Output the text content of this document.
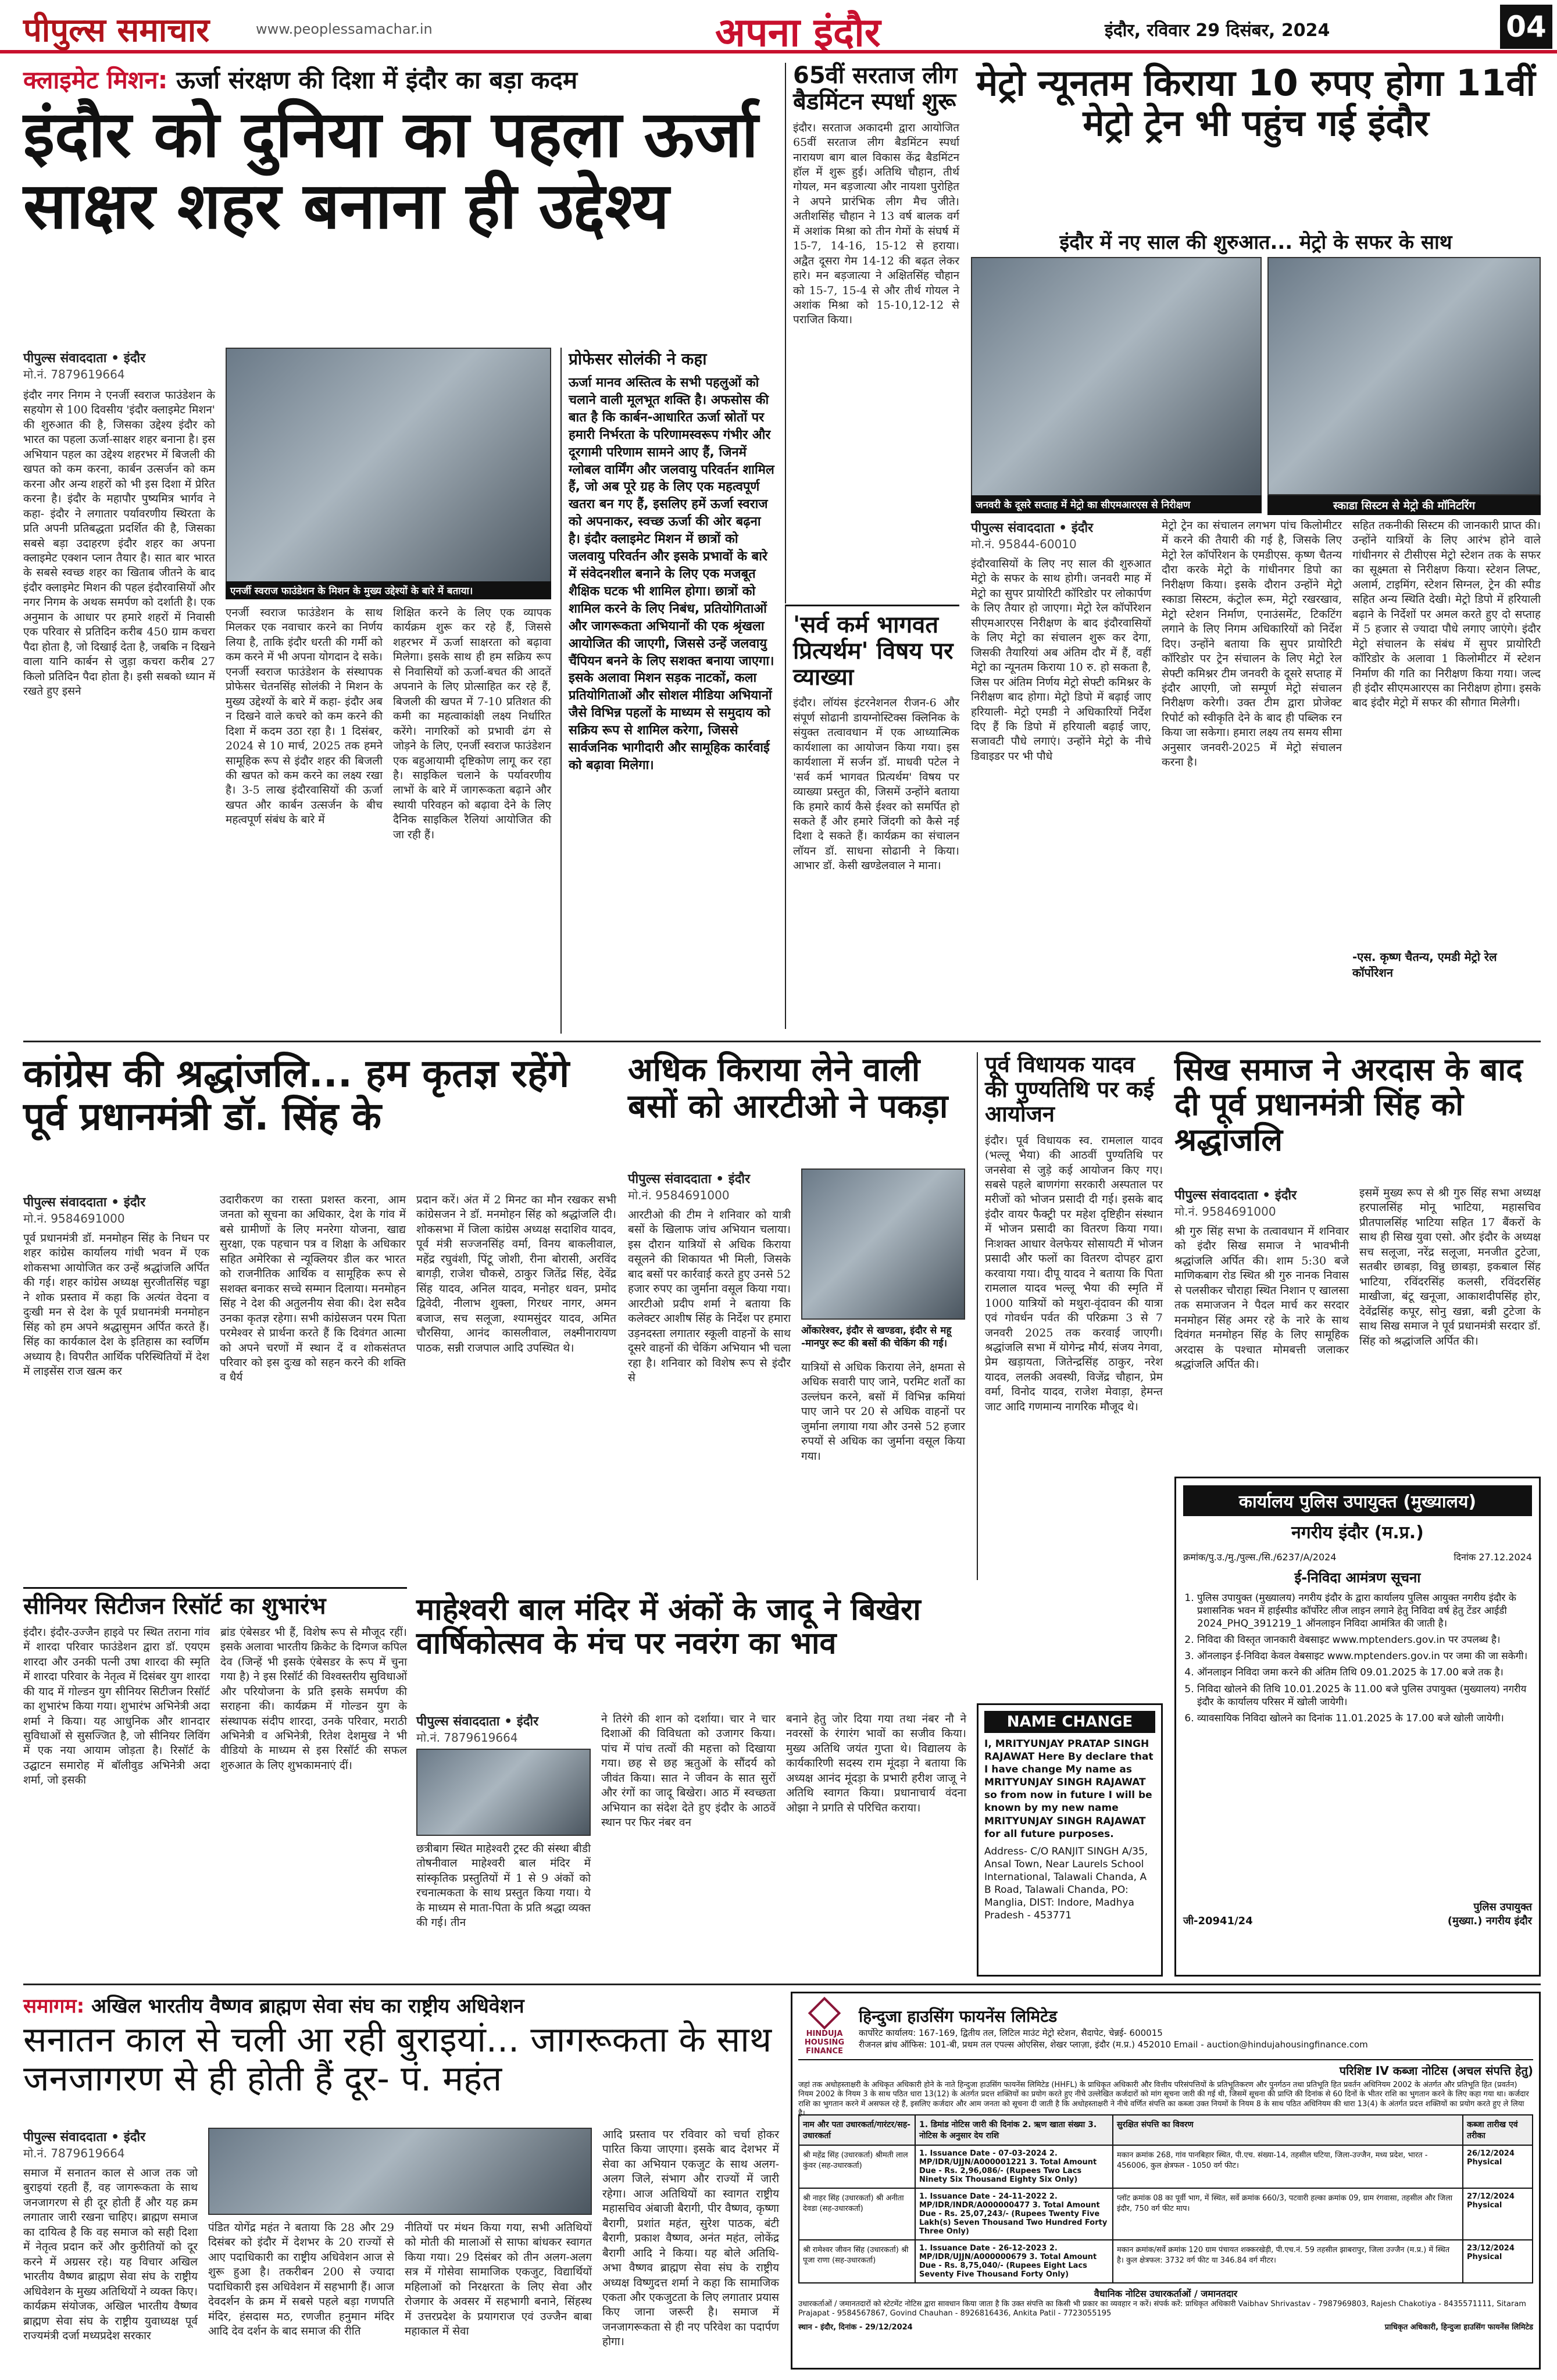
पीपुल्स समाचार	www.peoplessamachar.in	अपना इंदौर	इंदौर, रविवार 29 दिसंबर, 2024	04
क्लाइमेट मिशन: ऊर्जा संरक्षण की दिशा में इंदौर का बड़ा कदम
इंदौर को दुनिया का पहला ऊर्जा साक्षर शहर बनाना ही उद्देश्य
पीपुल्स संवाददाता • इंदौर
मो.नं. 7879619664
इंदौर नगर निगम ने एनर्जी स्वराज फाउंडेशन के सहयोग से 100 दिवसीय 'इंदौर क्लाइमेट मिशन' की शुरुआत की है, जिसका उद्देश्य इंदौर को भारत का पहला ऊर्जा-साक्षर शहर बनाना है। इस अभियान पहल का उद्देश्य शहरभर में बिजली की खपत को कम करना, कार्बन उत्सर्जन को कम करना और अन्य शहरों को भी इस दिशा में प्रेरित करना है। इंदौर के महापौर पुष्यमित्र भार्गव ने कहा- इंदौर ने लगातार पर्यावरणीय स्थिरता के प्रति अपनी प्रतिबद्धता प्रदर्शित की है, जिसका सबसे बड़ा उदाहरण इंदौर शहर का अपना क्लाइमेट एक्शन प्लान तैयार है। सात बार भारत के सबसे स्वच्छ शहर का खिताब जीतने के बाद इंदौर क्लाइमेट मिशन की पहल इंदौरवासियों और नगर निगम के अथक समर्पण को दर्शाती है। एक अनुमान के आधार पर हमारे शहरों में निवासी एक परिवार से प्रतिदिन करीब 450 ग्राम कचरा पैदा होता है, जो दिखाई देता है, जबकि न दिखने वाला यानि कार्बन से जुड़ा कचरा करीब 27 किलो प्रतिदिन पैदा होता है। इसी सबको ध्यान में रखते हुए इसने
एनर्जी स्वराज फाउंडेशन के मिशन के मुख्य उद्देश्यों के बारे में बताया।
एनर्जी स्वराज फाउंडेशन के साथ मिलकर एक नवाचार करने का निर्णय लिया है, ताकि इंदौर धरती की गर्मी को कम करने में भी अपना योगदान दे सके। एनर्जी स्वराज फाउंडेशन के संस्थापक प्रोफेसर चेतनसिंह सोलंकी ने मिशन के मुख्य उद्देश्यों के बारे में कहा- इंदौर अब न दिखने वाले कचरे को कम करने की दिशा में कदम उठा रहा है। 1 दिसंबर, 2024 से 10 मार्च, 2025 तक हमने सामूहिक रूप से इंदौर शहर की बिजली की खपत को कम करने का लक्ष्य रखा है। 3-5 लाख इंदौरवासियों की ऊर्जा खपत और कार्बन उत्सर्जन के बीच महत्वपूर्ण संबंध के बारे में
शिक्षित करने के लिए एक व्यापक कार्यक्रम शुरू कर रहे हैं, जिससे शहरभर में ऊर्जा साक्षरता को बढ़ावा मिलेगा। इसके साथ ही हम सक्रिय रूप से निवासियों को ऊर्जा-बचत की आदतें अपनाने के लिए प्रोत्साहित कर रहे हैं, बिजली की खपत में 7-10 प्रतिशत की कमी का महत्वाकांक्षी लक्ष्य निर्धारित करेंगे। नागरिकों को प्रभावी ढंग से जोड़ने के लिए, एनर्जी स्वराज फाउंडेशन एक बहुआयामी दृष्टिकोण लागू कर रहा है। साइकिल चलाने के पर्यावरणीय लाभों के बारे में जागरूकता बढ़ाने और स्थायी परिवहन को बढ़ावा देने के लिए दैनिक साइकिल रैलियां आयोजित की जा रही हैं।
प्रोफेसर सोलंकी ने कहा
ऊर्जा मानव अस्तित्व के सभी पहलुओं को चलाने वाली मूलभूत शक्ति है। अफसोस की बात है कि कार्बन-आधारित ऊर्जा स्रोतों पर हमारी निर्भरता के परिणामस्वरूप गंभीर और दूरगामी परिणाम सामने आए हैं, जिनमें ग्लोबल वार्मिंग और जलवायु परिवर्तन शामिल हैं, जो अब पूरे ग्रह के लिए एक महत्वपूर्ण खतरा बन गए हैं, इसलिए हमें ऊर्जा स्वराज को अपनाकर, स्वच्छ ऊर्जा की ओर बढ़ना है। इंदौर क्लाइमेट मिशन में छात्रों को जलवायु परिवर्तन और इसके प्रभावों के बारे में संवेदनशील बनाने के लिए एक मजबूत शैक्षिक घटक भी शामिल होगा। छात्रों को शामिल करने के लिए निबंध, प्रतियोगिताओं और जागरूकता अभियानों की एक श्रृंखला आयोजित की जाएगी, जिससे उन्हें जलवायु चैंपियन बनने के लिए सशक्त बनाया जाएगा। इसके अलावा मिशन सड़क नाटकों, कला प्रतियोगिताओं और सोशल मीडिया अभियानों जैसे विभिन्न पहलों के माध्यम से समुदाय को सक्रिय रूप से शामिल करेगा, जिससे सार्वजनिक भागीदारी और सामूहिक कार्रवाई को बढ़ावा मिलेगा।
65वीं सरताज लीग बैडमिंटन स्पर्धा शुरू
इंदौर। सरताज अकादमी द्वारा आयोजित 65वीं सरताज लीग बैडमिंटन स्पर्धा नारायण बाग बाल विकास केंद्र बैडमिंटन हॉल में शुरू हुई। अतिथि चौहान, तीर्थ गोयल, मन बड़जात्या और नायशा पुरोहित ने अपने प्रारंभिक लीग मैच जीते। अतीशसिंह चौहान ने 13 वर्ष बालक वर्ग में अशांक मिश्रा को तीन गेमों के संघर्ष में 15-7, 14-16, 15-12 से हराया। अद्वैत दूसरा गेम 14-12 की बढ़त लेकर हारे। मन बड़जात्या ने अक्षितसिंह चौहान को 15-7, 15-4 से और तीर्थ गोयल ने अशांक मिश्रा को 15-10,12-12 से पराजित किया।
'सर्व कर्म भागवत प्रित्यर्थम' विषय पर व्याख्या
इंदौर। लॉयंस इंटरनेशनल रीजन-6 और संपूर्ण सोढानी डायग्नोस्टिक्स क्लिनिक के संयुक्त तत्वावधान में एक आध्यात्मिक कार्यशाला का आयोजन किया गया। इस कार्यशाला में सर्जन डॉ. माधवी पटेल ने 'सर्व कर्म भागवत प्रित्यर्थम' विषय पर व्याख्या प्रस्तुत की, जिसमें उन्होंने बताया कि हमारे कार्य कैसे ईश्वर को समर्पित हो सकते हैं और हमारे जिंदगी को कैसे नई दिशा दे सकते हैं। कार्यक्रम का संचालन लॉयन डॉ. साधना सोढानी ने किया। आभार डॉ. केसी खण्डेलवाल ने माना।
मेट्रो न्यूनतम किराया 10 रुपए होगा 11वीं मेट्रो ट्रेन भी पहुंच गई इंदौर
इंदौर में नए साल की शुरुआत... मेट्रो के सफर के साथ
जनवरी के दूसरे सप्ताह में मेट्रो का सीएमआरएस से निरीक्षण	स्काडा सिस्टम से मेट्रो की मॉनिटरिंग
पीपुल्स संवाददाता • इंदौर
मो.नं. 95844-60010
इंदौरवासियों के लिए नए साल की शुरुआत मेट्रो के सफर के साथ होगी। जनवरी माह में मेट्रो का सुपर प्रायोरिटी कॉरिडोर पर लोकार्पण के लिए तैयार हो जाएगा। मेट्रो रेल कॉर्पोरेशन सीएमआरएस निरीक्षण के बाद इंदौरवासियों के लिए मेट्रो का संचालन शुरू कर देगा, जिसकी तैयारियां अब अंतिम दौर में हैं, वहीं मेट्रो का न्यूनतम किराया 10 रु. हो सकता है, जिस पर अंतिम निर्णय मेट्रो सेफ्टी कमिश्नर के निरीक्षण बाद होगा। मेट्रो डिपो में बढ़ाई जाए हरियाली- मेट्रो एमडी ने अधिकारियों निर्देश दिए हैं कि डिपो में हरियाली बढ़ाई जाए, सजावटी पौधे लगाएं। उन्होंने मेट्रो के नीचे डिवाइडर पर भी पौधे
मेट्रो ट्रेन का संचालन लगभग पांच किलोमीटर में करने की तैयारी की गई है, जिसके लिए मेट्रो रेल कॉर्पोरेशन के एमडीएस. कृष्ण चैतन्य दौरा करके मेट्रो के गांधीनगर डिपो का निरीक्षण किया। इसके दौरान उन्होंने मेट्रो स्काडा सिस्टम, कंट्रोल रूम, मेट्रो रखरखाव, मेट्रो स्टेशन निर्माण, एनाउंसमेंट, टिकटिंग लगाने के लिए निगम अधिकारियों को निर्देश दिए। उन्होंने बताया कि सुपर प्रायोरिटी कॉरिडोर पर ट्रेन संचालन के लिए मेट्रो रेल सेफ्टी कमिश्नर टीम जनवरी के दूसरे सप्ताह में इंदौर आएगी, जो सम्पूर्ण मेट्रो संचालन निरीक्षण करेगी। उक्त टीम द्वारा प्रोजेक्ट रिपोर्ट को स्वीकृति देने के बाद ही पब्लिक रन किया जा सकेगा। हमारा लक्ष्य तय समय सीमा अनुसार जनवरी-2025 में मेट्रो संचालन करना है।
सहित तकनीकी सिस्टम की जानकारी प्राप्त की। उन्होंने यात्रियों के लिए आरंभ होने वाले गांधीनगर से टीसीएस मेट्रो स्टेशन तक के सफर का सूक्ष्मता से निरीक्षण किया। स्टेशन लिफ्ट, अलार्म, टाइमिंग, स्टेशन सिग्नल, ट्रेन की स्पीड सहित अन्य स्थिति देखी। मेट्रो डिपो में हरियाली बढ़ाने के निर्देशों पर अमल करते हुए दो सप्ताह में 5 हजार से ज्यादा पौधे लगाए जाएंगे। इंदौर मेट्रो संचालन के संबंध में सुपर प्रायोरिटी कॉरिडोर के अलावा 1 किलोमीटर में स्टेशन निर्माण की गति का निरीक्षण किया गया। जल्द ही इंदौर सीएमआरएस का निरीक्षण होगा। इसके बाद इंदौर मेट्रो में सफर की सौगात मिलेगी।
-एस. कृष्ण चैतन्य, एमडी मेट्रो रेल कॉर्पोरेशन
कांग्रेस की श्रद्धांजलि... हम कृतज्ञ रहेंगे पूर्व प्रधानमंत्री डॉ. सिंह के
पीपुल्स संवाददाता • इंदौर
मो.नं. 9584691000
पूर्व प्रधानमंत्री डॉ. मनमोहन सिंह के निधन पर शहर कांग्रेस कार्यालय गांधी भवन में एक शोकसभा आयोजित कर उन्हें श्रद्धांजलि अर्पित की गई। शहर कांग्रेस अध्यक्ष सुरजीतसिंह चड्डा ने शोक प्रस्ताव में कहा कि अत्यंत वेदना व दुःखी मन से देश के पूर्व प्रधानमंत्री मनमोहन सिंह को हम अपने श्रद्धासुमन अर्पित करते हैं। सिंह का कार्यकाल देश के इतिहास का स्वर्णिम अध्याय है। विपरीत आर्थिक परिस्थितियों में देश में लाइसेंस राज खत्म कर
उदारीकरण का रास्ता प्रशस्त करना, आम जनता को सूचना का अधिकार, देश के गांव में बसे ग्रामीणों के लिए मनरेगा योजना, खाद्य सुरक्षा, एक पहचान पत्र व शिक्षा के अधिकार सहित अमेरिका से न्यूक्लियर डील कर भारत को राजनीतिक आर्थिक व सामूहिक रूप से सशक्त बनाकर सच्चे सम्मान दिलाया। मनमोहन सिंह ने देश की अतुलनीय सेवा की। देश सदैव उनका कृतज्ञ रहेगा। सभी कांग्रेसजन परम पिता परमेश्वर से प्रार्थना करते हैं कि दिवंगत आत्मा को अपने चरणों में स्थान दें व शोकसंतप्त परिवार को इस दुःख को सहन करने की शक्ति व धैर्य
प्रदान करें। अंत में 2 मिनट का मौन रखकर सभी कांग्रेसजन ने डॉ. मनमोहन सिंह को श्रद्धांजलि दी। शोकसभा में जिला कांग्रेस अध्यक्ष सदाशिव यादव, पूर्व मंत्री सज्जनसिंह वर्मा, विनय बाकलीवाल, महेंद्र रघुवंशी, पिंटू जोशी, रीना बोरासी, अरविंद बागड़ी, राजेश चौकसे, ठाकुर जितेंद्र सिंह, देवेंद्र सिंह यादव, अनिल यादव, मनोहर धवन, प्रमोद द्विवेदी, नीलाभ शुक्ला, गिरधर नागर, अमन बजाज, सच सलूजा, श्यामसुंदर यादव, अमित चौरसिया, आनंद कासलीवाल, लक्ष्मीनारायण पाठक, सन्नी राजपाल आदि उपस्थित थे।
अधिक किराया लेने वाली बसों को आरटीओ ने पकड़ा
पीपुल्स संवाददाता • इंदौर
मो.नं. 9584691000
आरटीओ की टीम ने शनिवार को यात्री बसों के खिलाफ जांच अभियान चलाया। इस दौरान यात्रियों से अधिक किराया वसूलने की शिकायत भी मिली, जिसके बाद बसों पर कार्रवाई करते हुए उनसे 52 हजार रुपए का जुर्माना वसूल किया गया। आरटीओ प्रदीप शर्मा ने बताया कि कलेक्टर आशीष सिंह के निर्देश पर हमारा उड़नदस्ता लगातार स्कूली वाहनों के साथ दूसरे वाहनों की चेकिंग अभियान भी चला रहा है। शनिवार को विशेष रूप से इंदौर से
ओंकारेश्वर, इंदौर से खण्डवा, इंदौर से महू -मानपुर रूट की बसों की चेकिंग की गई।
यात्रियों से अधिक किराया लेने, क्षमता से अधिक सवारी पाए जाने, परमिट शर्तों का उल्लंघन करने, बसों में विभिन्न कमियां पाए जाने पर 20 से अधिक वाहनों पर जुर्माना लगाया गया और उनसे 52 हजार रुपयों से अधिक का जुर्माना वसूल किया गया।
पूर्व विधायक यादव की पुण्यतिथि पर कई आयोजन
इंदौर। पूर्व विधायक स्व. रामलाल यादव (भल्लू भैया) की आठवीं पुण्यतिथि पर जनसेवा से जुड़े कई आयोजन किए गए। सबसे पहले बाणगंगा सरकारी अस्पताल पर मरीजों को भोजन प्रसादी दी गई। इसके बाद इंदौर वायर फैक्ट्री पर महेश दृष्टिहीन संस्थान में भोजन प्रसादी का वितरण किया गया। निःशक्त आधार वेलफेयर सोसायटी में भोजन प्रसादी और फलों का वितरण दोपहर द्वारा करवाया गया। दीपू यादव ने बताया कि पिता रामलाल यादव भल्लू भैया की स्मृति में 1000 यात्रियों को मथुरा-वृंदावन की यात्रा एवं गोवर्धन पर्वत की परिक्रमा 3 से 7 जनवरी 2025 तक करवाई जाएगी। श्रद्धांजलि सभा में योगेन्द्र मौर्य, संजय नेगवा, प्रेम खड़ायता, जितेन्द्रसिंह ठाकुर, नरेश यादव, ललकी अवस्थी, विजेंद्र चौहान, प्रेम वर्मा, विनोद यादव, राजेश मेवाड़ा, हेमन्त जाट आदि गणमान्य नागरिक मौजूद थे।
सिख समाज ने अरदास के बाद दी पूर्व प्रधानमंत्री सिंह को श्रद्धांजलि
पीपुल्स संवाददाता • इंदौर
मो.नं. 9584691000
श्री गुरु सिंह सभा के तत्वावधान में शनिवार को इंदौर सिख समाज ने भावभीनी श्रद्धांजलि अर्पित की। शाम 5:30 बजे माणिकबाग रोड स्थित श्री गुरु नानक निवास से पलसीकर चौराहा स्थित निशान ए खालसा तक समाजजन ने पैदल मार्च कर सरदार मनमोहन सिंह अमर रहे के नारे के साथ दिवंगत मनमोहन सिंह के लिए सामूहिक अरदास के पश्चात मोमबत्ती जलाकर श्रद्धांजलि अर्पित की।
इसमें मुख्य रूप से श्री गुरु सिंह सभा अध्यक्ष हरपालसिंह मोनू भाटिया, महासचिव प्रीतपालसिंह भाटिया सहित 17 बैंकरों के साथ ही सिख युवा एसो. और इंदौर के अध्यक्ष सच सलूजा, नरेंद्र सलूजा, मनजीत टुटेजा, सतबीर छाबड़ा, विन्नु छाबड़ा, इकबाल सिंह भाटिया, रविंदरसिंह कलसी, रविंदरसिंह माखीजा, बंटू खनूजा, आकाशदीपसिंह होर, देवेंद्रसिंह कपूर, सोनु खन्ना, बन्नी टुटेजा के साथ सिख समाज ने पूर्व प्रधानमंत्री सरदार डॉ. सिंह को श्रद्धांजलि अर्पित की।
कार्यालय पुलिस उपायुक्त (मुख्यालय)
नगरीय इंदौर (म.प्र.)
क्रमांक/पु.उ./मु./पुल्स./सि./6237/A/2024	दिनांक 27.12.2024
ई-निविदा आमंत्रण सूचना
1. पुलिस उपायुक्त (मुख्यालय) नगरीय इंदौर के द्वारा कार्यालय पुलिस आयुक्त नगरीय इंदौर के प्रशासनिक भवन में हाईस्पीड कॉर्पोरेट लीज लाइन लगाने हेतु निविदा वर्ष हेतु टेंडर आईडी 2024_PHQ_391219_1 ऑनलाइन निविदा आमंत्रित की जाती है।
2. निविदा की विस्तृत जानकारी वेबसाइट www.mptenders.gov.in पर उपलब्ध है।
3. ऑनलाइन ई-निविदा केवल वेबसाइट www.mptenders.gov.in पर जमा की जा सकेगी।
4. ऑनलाइन निविदा जमा करने की अंतिम तिथि 09.01.2025 के 17.00 बजे तक है।
5. निविदा खोलने की तिथि 10.01.2025 के 11.00 बजे पुलिस उपायुक्त (मुख्यालय) नगरीय इंदौर के कार्यालय परिसर में खोली जायेगी।
6. व्यावसायिक निविदा खोलने का दिनांक 11.01.2025 के 17.00 बजे खोली जायेगी।
जी-20941/24
पुलिस उपायुक्त
(मुख्या.) नगरीय इंदौर
सीनियर सिटीजन रिसॉर्ट का शुभारंभ
इंदौर। इंदौर-उज्जैन हाइवे पर स्थित तराना गांव में शारदा परिवार फाउंडेशन द्वारा डॉ. एयएम शारदा और उनकी पत्नी उषा शारदा की स्मृति में शारदा परिवार के नेतृत्व में दिसंबर युग शारदा की याद में गोल्डन युग सीनियर सिटीजन रिसॉर्ट का शुभारंभ किया गया। शुभारंभ अभिनेत्री अदा शर्मा ने किया। यह आधुनिक और शानदार सुविधाओं से सुसज्जित है, जो सीनियर लिविंग में एक नया आयाम जोड़ता है। रिसॉर्ट के उद्घाटन समारोह में बॉलीवुड अभिनेत्री अदा शर्मा, जो इसकी
ब्रांड एंबेसडर भी हैं, विशेष रूप से मौजूद रहीं। इसके अलावा भारतीय क्रिकेट के दिग्गज कपिल देव (जिन्हें भी इसके एंबेसडर के रूप में चुना गया है) ने इस रिसॉर्ट की विश्वस्तरीय सुविधाओं और परियोजना के प्रति इसके समर्पण की सराहना की। कार्यक्रम में गोल्डन युग के संस्थापक संदीप शारदा, उनके परिवार, मराठी अभिनेत्री व अभिनेत्री, रितेश देशमुख ने भी वीडियो के माध्यम से इस रिसॉर्ट की सफल शुरुआत के लिए शुभकामनाएं दीं।
माहेश्वरी बाल मंदिर में अंकों के जादू ने बिखेरा वार्षिकोत्सव के मंच पर नवरंग का भाव
पीपुल्स संवाददाता • इंदौर
मो.नं. 7879619664
छत्रीबाग स्थित माहेश्वरी ट्रस्ट की संस्था बीडी तोषनीवाल माहेश्वरी बाल मंदिर में सांस्कृतिक प्रस्तुतियों में 1 से 9 अंकों को रचनात्मकता के साथ प्रस्तुत किया गया। ये के माध्यम से माता-पिता के प्रति श्रद्धा व्यक्त की गई। तीन
ने तिरंगे की शान को दर्शाया। चार ने चार दिशाओं की विविधता को उजागर किया। पांच में पांच तत्वों की महत्ता को दिखाया गया। छह से छह ऋतुओं के सौंदर्य को जीवंत किया। सात ने जीवन के सात सुरों और रंगों का जादू बिखेरा। आठ में स्वच्छता अभियान का संदेश देते हुए इंदौर के आठवें स्थान पर फिर नंबर वन
बनाने हेतु जोर दिया गया तथा नंबर नौ ने नवरसों के रंगारंग भावों का सजीव किया। मुख्य अतिथि जयंत गुप्ता थे। विद्यालय के कार्यकारिणी सदस्य राम मूंदड़ा ने बताया कि अध्यक्ष आनंद मूंदड़ा के प्रभारी हरीश जाजू ने अतिथि स्वागत किया। प्रधानाचार्य वंदना ओझा ने प्रगति से परिचित कराया।
NAME CHANGE
I, MRITYUNJAY PRATAP SINGH RAJAWAT Here By declare that I have change My name as MRITYUNJAY SINGH RAJAWAT so from now in future I will be known by my new name MRITYUNJAY SINGH RAJAWAT for all future purposes.
Address- C/O RANJIT SINGH A/35, Ansal Town, Near Laurels School International, Talawali Chanda, A B Road, Talawali Chanda, PO: Manglia, DIST: Indore, Madhya Pradesh - 453771
समागम: अखिल भारतीय वैष्णव ब्राह्मण सेवा संघ का राष्ट्रीय अधिवेशन
सनातन काल से चली आ रही बुराइयां... जागरूकता के साथ जनजागरण से ही होती हैं दूर- पं. महंत
पीपुल्स संवाददाता • इंदौर
मो.नं. 7879619664
समाज में सनातन काल से आज तक जो बुराइयां रहती हैं, वह जागरूकता के साथ जनजागरण से ही दूर होती हैं और यह क्रम लगातार जारी रखना चाहिए। ब्राह्मण समाज का दायित्व है कि वह समाज को सही दिशा में नेतृत्व प्रदान करें और कुरीतियों को दूर करने में अग्रसर रहे। यह विचार अखिल भारतीय वैष्णव ब्राह्मण सेवा संघ के राष्ट्रीय अधिवेशन के मुख्य अतिथियों ने व्यक्त किए। कार्यक्रम संयोजक, अखिल भारतीय वैष्णव ब्राह्मण सेवा संघ के राष्ट्रीय युवाध्यक्ष पूर्व राज्यमंत्री दर्जा मध्यप्रदेश सरकार
पंडित योगेंद्र महंत ने बताया कि 28 और 29 दिसंबर को इंदौर में देशभर के 20 राज्यों से आए पदाधिकारी का राष्ट्रीय अधिवेशन आज से शुरू हुआ है। तकरीबन 200 से ज्यादा पदाधिकारी इस अधिवेशन में सहभागी हैं। आज देवदर्शन के क्रम में सबसे पहले बड़ा गणपति मंदिर, हंसदास मठ, रणजीत हनुमान मंदिर आदि देव दर्शन के बाद समाज की रीति
नीतियों पर मंथन किया गया, सभी अतिथियों को मोती की मालाओं से साफा बांधकर स्वागत किया गया। 29 दिसंबर को तीन अलग-अलग सत्र में गोसेवा सामाजिक एकजुट, विद्यार्थियों महिलाओं को निरक्षरता के लिए सेवा और रोजगार के अवसर में सहभागी बनाने, सिंहस्थ में उत्तरप्रदेश के प्रयागराज एवं उज्जैन बाबा महाकाल में सेवा
आदि प्रस्ताव पर रविवार को चर्चा होकर पारित किया जाएगा। इसके बाद देशभर में सेवा का अभियान एकजुट के साथ अलग-अलग जिले, संभाग और राज्यों में जारी रहेगा। आज अतिथियों का स्वागत राष्ट्रीय महासचिव अंबाजी बैरागी, पीर वैष्णव, कृष्णा बैरागी, प्रशांत महंत, सुरेश पाठक, बंटी बैरागी, प्रकाश वैष्णव, अनंत महंत, लोकेंद्र बैरागी आदि ने किया। यह बोले अतिथि- अभा वैष्णव ब्राह्मण सेवा संघ के राष्ट्रीय अध्यक्ष विष्णुदत्त शर्मा ने कहा कि सामाजिक एकता और एकजुटता के लिए लगातार प्रयास किए जाना जरूरी है। समाज में जनजागरूकता से ही नए परिवेश का पदार्पण होगा।
HINDUJA HOUSING FINANCE
हिन्दुजा हाउसिंग फायनेंस लिमिटेड
कार्पोरेट कार्यालय: 167-169, द्वितीय तल, लिटिल माउंट मेट्रो स्टेशन, सैदापेट, चेन्नई- 600015
रीजनल ब्रांच ऑफिस: 101-बी, प्रथम तल एपल्स ओएसिस, शेखर प्लाज़ा, इंदौर (म.प्र.) 452010 Email - auction@hindujahousingfinance.com
परिशिष्ट IV कब्जा नोटिस (अचल संपत्ति हेतु)
जहां तक अधोहस्ताक्षरी के अधिकृत अधिकारी होने के नाते हिन्दुजा हाउसिंग फायनेंस लिमिटेड (HHFL) के प्राधिकृत अधिकारी और वित्तीय परिसंपत्तियों के प्रतिभूतिकरण और पुनर्गठन तथा प्रतिभूति हित प्रवर्तन अधिनियम 2002 के अंतर्गत और प्रतिभूति हित (प्रवर्तन) नियम 2002 के नियम 3 के साथ पठित धारा 13(12) के अंतर्गत प्रदत्त शक्तियों का प्रयोग करते हुए नीचे उल्लेखित कर्जदारों को मांग सूचना जारी की गई थी, जिसमें सूचना की प्राप्ति की दिनांक से 60 दिनों के भीतर राशि का भुगतान करने के लिए कहा गया था। कर्जदार राशि का भुगतान करने में असफल रहे हैं, इसलिए कर्जदार और आम जनता को सूचना दी जाती है कि अधोहस्ताक्षरी ने नीचे वर्णित संपत्ति का कब्जा उक्त नियमों के नियम 8 के साथ पठित अधिनियम की धारा 13(4) के अंतर्गत प्रदत्त शक्तियों का प्रयोग करते हुए ले लिया है।
नाम और पता उधारकर्ता/गारंटर/सह-उधारकर्ता	1. डिमांड नोटिस जारी की दिनांक 2. ऋण खाता संख्या 3. नोटिस के अनुसार देय राशि	सुरक्षित संपत्ति का विवरण	कब्जा तारीख एवं तरीका
श्री महेंद्र सिंह (उधारकर्ता) श्रीमती लाल कुंवर (सह-उधारकर्ता)	1. Issuance Date - 07-03-2024 2. MP/IDR/UJJN/A000001221 3. Total Amount Due - Rs. 2,96,086/- (Rupees Two Lacs Ninety Six Thousand Eighty Six Only)	मकान क्रमांक 268, गांव पानबिहार स्थित, पी.एच. संख्या-14, तहसील घटिया, जिला-उज्जैन, मध्य प्रदेश, भारत - 456006, कुल क्षेत्रफल - 1050 वर्ग फीट।	26/12/2024 Physical
श्री नाहर सिंह (उधारकर्ता) श्री अनीता देवडा (सह-उधारकर्ता)	1. Issuance Date - 24-11-2022 2. MP/IDR/INDR/A000000477 3. Total Amount Due - Rs. 25,07,243/- (Rupees Twenty Five Lakh(s) Seven Thousand Two Hundred Forty Three Only)	प्लॉट क्रमांक 08 का पूर्वी भाग, में स्थित, सर्वे क्रमांक 660/3, पटवारी हल्का क्रमांक 09, ग्राम रंगवासा, तहसील और जिला इंदौर, 750 वर्ग फीट माप।	27/12/2024 Physical
श्री रामेश्वर जीवन सिंह (उधारकर्ता) श्री पूजा राणा (सह-उधारकर्ता)	1. Issuance Date - 26-12-2023 2. MP/IDR/UJJN/A000000679 3. Total Amount Due - Rs. 8,75,040/- (Rupees Eight Lacs Seventy Five Thousand Forty Only)	मकान क्रमांक/सर्वे क्रमांक 120 ग्राम पंचायत शक्करखेड़ी, पी.एच.नं. 59 तहसील झाबरापुर, जिला उज्जैन (म.प्र.) में स्थित है। कुल क्षेत्रफल: 3732 वर्ग फीट या 346.84 वर्ग मीटर।	23/12/2024 Physical
वैधानिक नोटिस उधारकर्ताओं / जमानतदार
उधारकर्ताओं / जमानतदारों को स्टेटमेंट नोटिस द्वारा सावधान किया जाता है कि उक्त संपत्ति का किसी भी प्रकार का व्यवहार न करें। संपर्क करें: प्राधिकृत अधिकारी Vaibhav Shrivastav - 7987969803, Rajesh Chakotiya - 8435571111, Sitaram Prajapat - 9584567867, Govind Chauhan - 8926816436, Ankita Patil - 7723055195
स्थान - इंदौर, दिनांक - 29/12/2024	प्राधिकृत अधिकारी, हिन्दुजा हाउसिंग फायनेंस लिमिटेड
